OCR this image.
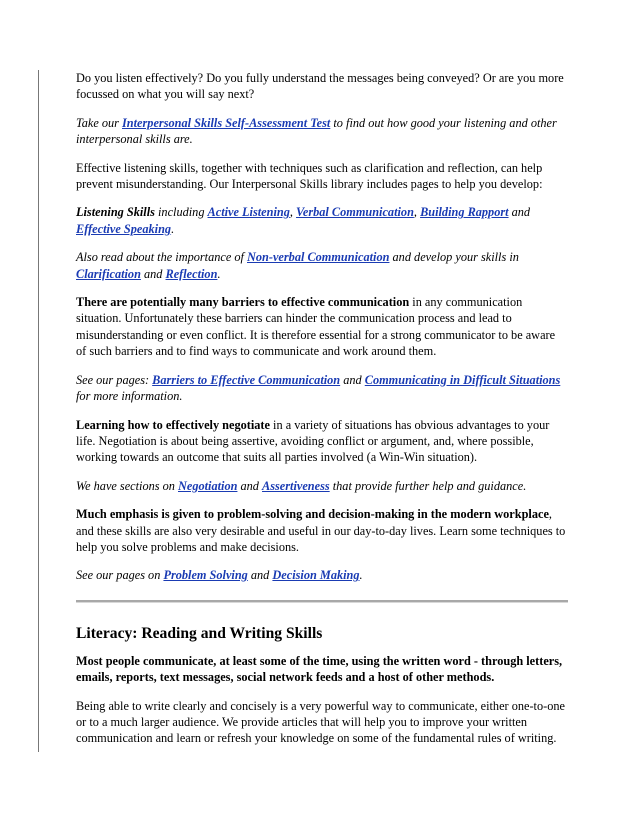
Do you listen effectively? Do you fully understand the messages being conveyed? Or are you more focussed on what you will say next?

Take our Interpersonal Skills Self-Assessment Test to find out how good your listening and other interpersonal skills are.

Effective listening skills, together with techniques such as clarification and reflection, can help prevent misunderstanding. Our Interpersonal Skills library includes pages to help you develop:

Listening Skills including Active Listening, Verbal Communication, Building Rapport and Effective Speaking.

Also read about the importance of Non-verbal Communication and develop your skills in Clarification and Reflection.

There are potentially many barriers to effective communication in any communication situation. Unfortunately these barriers can hinder the communication process and lead to misunderstanding or even conflict. It is therefore essential for a strong communicator to be aware of such barriers and to find ways to communicate and work around them.

See our pages: Barriers to Effective Communication and Communicating in Difficult Situations for more information.

Learning how to effectively negotiate in a variety of situations has obvious advantages to your life. Negotiation is about being assertive, avoiding conflict or argument, and, where possible, working towards an outcome that suits all parties involved (a Win-Win situation).

We have sections on Negotiation and Assertiveness that provide further help and guidance.

Much emphasis is given to problem-solving and decision-making in the modern workplace, and these skills are also very desirable and useful in our day-to-day lives. Learn some techniques to help you solve problems and make decisions.

See our pages on Problem Solving and Decision Making.

Literacy: Reading and Writing Skills

Most people communicate, at least some of the time, using the written word - through letters, emails, reports, text messages, social network feeds and a host of other methods.

Being able to write clearly and concisely is a very powerful way to communicate, either one-to-one or to a much larger audience. We provide articles that will help you to improve your written communication and learn or refresh your knowledge on some of the fundamental rules of writing.
